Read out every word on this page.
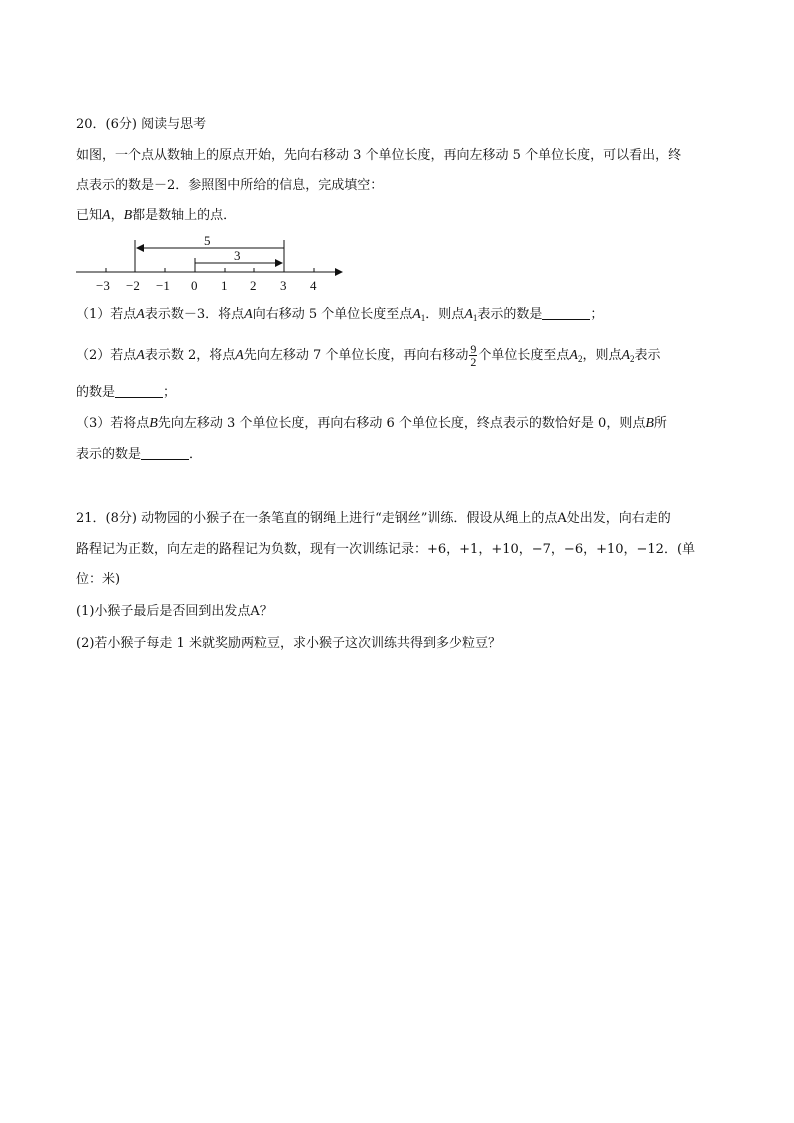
20．(6分) 阅读与思考
如图，一个点从数轴上的原点开始，先向右移动 3 个单位长度，再向左移动 5 个单位长度，可以看出，终
点表示的数是－2．参照图中所给的信息，完成填空：
已知A，B都是数轴上的点．
5
3
−3 −2 −1 0 1 2 3 4
（1）若点A表示数－3．将点A向右移动 5 个单位长度至点$A_1$．则点$A_1$表示的数是	；
（2）若点A表示数 2，将点A先向左移动 7 个单位长度，再向右移动 $\frac{9}{2}$ 个单位长度至点$A_2$，则点$A_2$表示
的数是	；
（3）若将点B先向左移动 3 个单位长度，再向右移动 6 个单位长度，终点表示的数恰好是 0，则点B所
表示的数是	．
21．(8分) 动物园的小猴子在一条笔直的钢绳上进行“走钢丝”训练．假设从绳上的点A处出发，向右走的
路程记为正数，向左走的路程记为负数，现有一次训练记录：+6，+1，+10，−7，−6，+10，−12．(单
位：米)
(1)小猴子最后是否回到出发点A？
(2)若小猴子每走 1 米就奖励两粒豆，求小猴子这次训练共得到多少粒豆？
